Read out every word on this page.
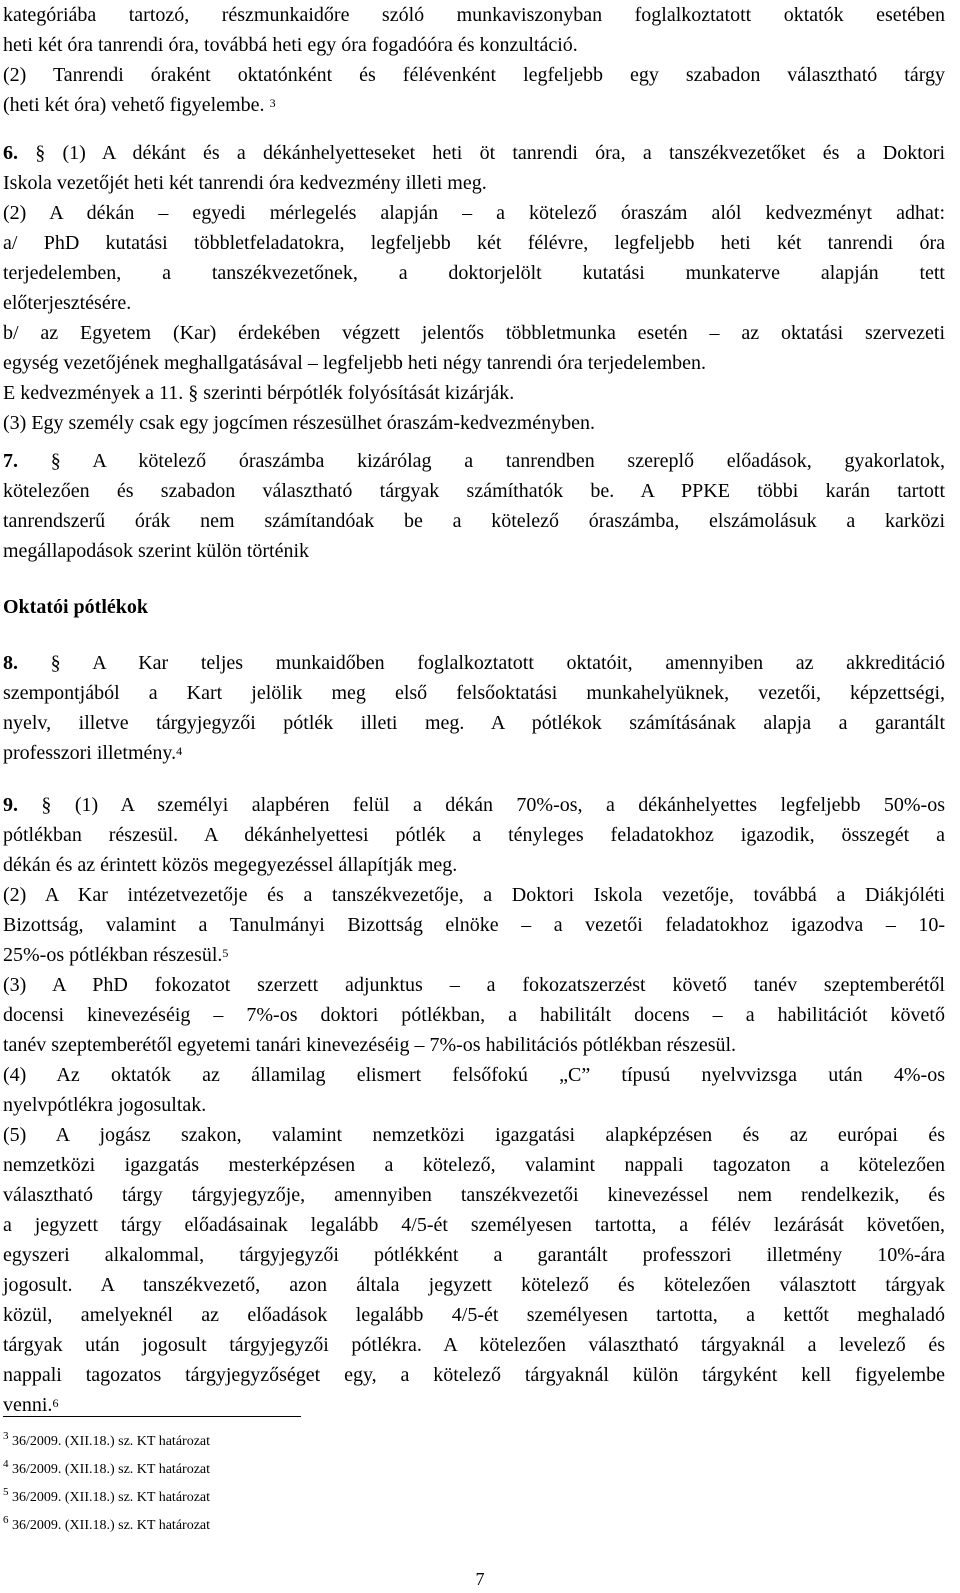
kategóriába tartozó, részmunkaidőre szóló munkaviszonyban foglalkoztatott oktatók esetében
heti két óra tanrendi óra, továbbá heti egy óra fogadóóra és konzultáció.
(2) Tanrendi óraként oktatónként és félévenként legfeljebb egy szabadon választható tárgy
(heti két óra) vehető figyelembe. $^3$
6. § (1) A dékánt és a dékánhelyetteseket heti öt tanrendi óra, a tanszékvezetőket és a Doktori
Iskola vezetőjét heti két tanrendi óra kedvezmény illeti meg.
(2) A dékán – egyedi mérlegelés alapján – a kötelező óraszám alól kedvezményt adhat:
a/ PhD kutatási többletfeladatokra, legfeljebb két félévre, legfeljebb heti két tanrendi óra
terjedelemben, a tanszékvezetőnek, a doktorjelölt kutatási munkaterve alapján tett
előterjesztésére.
b/ az Egyetem (Kar) érdekében végzett jelentős többletmunka esetén – az oktatási szervezeti
egység vezetőjének meghallgatásával – legfeljebb heti négy tanrendi óra terjedelemben.
E kedvezmények a 11. § szerinti bérpótlék folyósítását kizárják.
(3) Egy személy csak egy jogcímen részesülhet óraszám-kedvezményben.
7. § A kötelező óraszámba kizárólag a tanrendben szereplő előadások, gyakorlatok,
kötelezően és szabadon választható tárgyak számíthatók be. A PPKE többi karán tartott
tanrendszerű órák nem számítandóak be a kötelező óraszámba, elszámolásuk a karközi
megállapodások szerint külön történik

Oktatói pótlékok

8. § A Kar teljes munkaidőben foglalkoztatott oktatóit, amennyiben az akkreditáció
szempontjából a Kart jelölik meg első felsőoktatási munkahelyüknek, vezetői, képzettségi,
nyelv, illetve tárgyjegyzői pótlék illeti meg. A pótlékok számításának alapja a garantált
professzori illetmény.$^4$
9. § (1) A személyi alapbéren felül a dékán 70%-os, a dékánhelyettes legfeljebb 50%-os
pótlékban részesül. A dékánhelyettesi pótlék a tényleges feladatokhoz igazodik, összegét a
dékán és az érintett közös megegyezéssel állapítják meg.
(2) A Kar intézetvezetője és a tanszékvezetője, a Doktori Iskola vezetője, továbbá a Diákjóléti
Bizottság, valamint a Tanulmányi Bizottság elnöke – a vezetői feladatokhoz igazodva – 10-
25%-os pótlékban részesül.$^5$
(3) A PhD fokozatot szerzett adjunktus – a fokozatszerzést követő tanév szeptemberétől
docensi kinevezéséig – 7%-os doktori pótlékban, a habilitált docens – a habilitációt követő
tanév szeptemberétől egyetemi tanári kinevezéséig – 7%-os habilitációs pótlékban részesül.
(4) Az oktatók az államilag elismert felsőfokú „C” típusú nyelvvizsga után 4%-os
nyelvpótlékra jogosultak.
(5) A jogász szakon, valamint nemzetközi igazgatási alapképzésen és az európai és
nemzetközi igazgatás mesterképzésen a kötelező, valamint nappali tagozaton a kötelezően
választható tárgy tárgyjegyzője, amennyiben tanszékvezetői kinevezéssel nem rendelkezik, és
a jegyzett tárgy előadásainak legalább 4/5-ét személyesen tartotta, a félév lezárását követően,
egyszeri alkalommal, tárgyjegyzői pótlékként a garantált professzori illetmény 10%-ára
jogosult. A tanszékvezető, azon általa jegyzett kötelező és kötelezően választott tárgyak
közül, amelyeknél az előadások legalább 4/5-ét személyesen tartotta, a kettőt meghaladó
tárgyak után jogosult tárgyjegyzői pótlékra. A kötelezően választható tárgyaknál a levelező és
nappali tagozatos tárgyjegyzőséget egy, a kötelező tárgyaknál külön tárgyként kell figyelembe
venni.$^6$

$^3$ 36/2009. (XII.18.) sz. KT határozat

$^4$ 36/2009. (XII.18.) sz. KT határozat

$^5$ 36/2009. (XII.18.) sz. KT határozat

$^6$ 36/2009. (XII.18.) sz. KT határozat

7
